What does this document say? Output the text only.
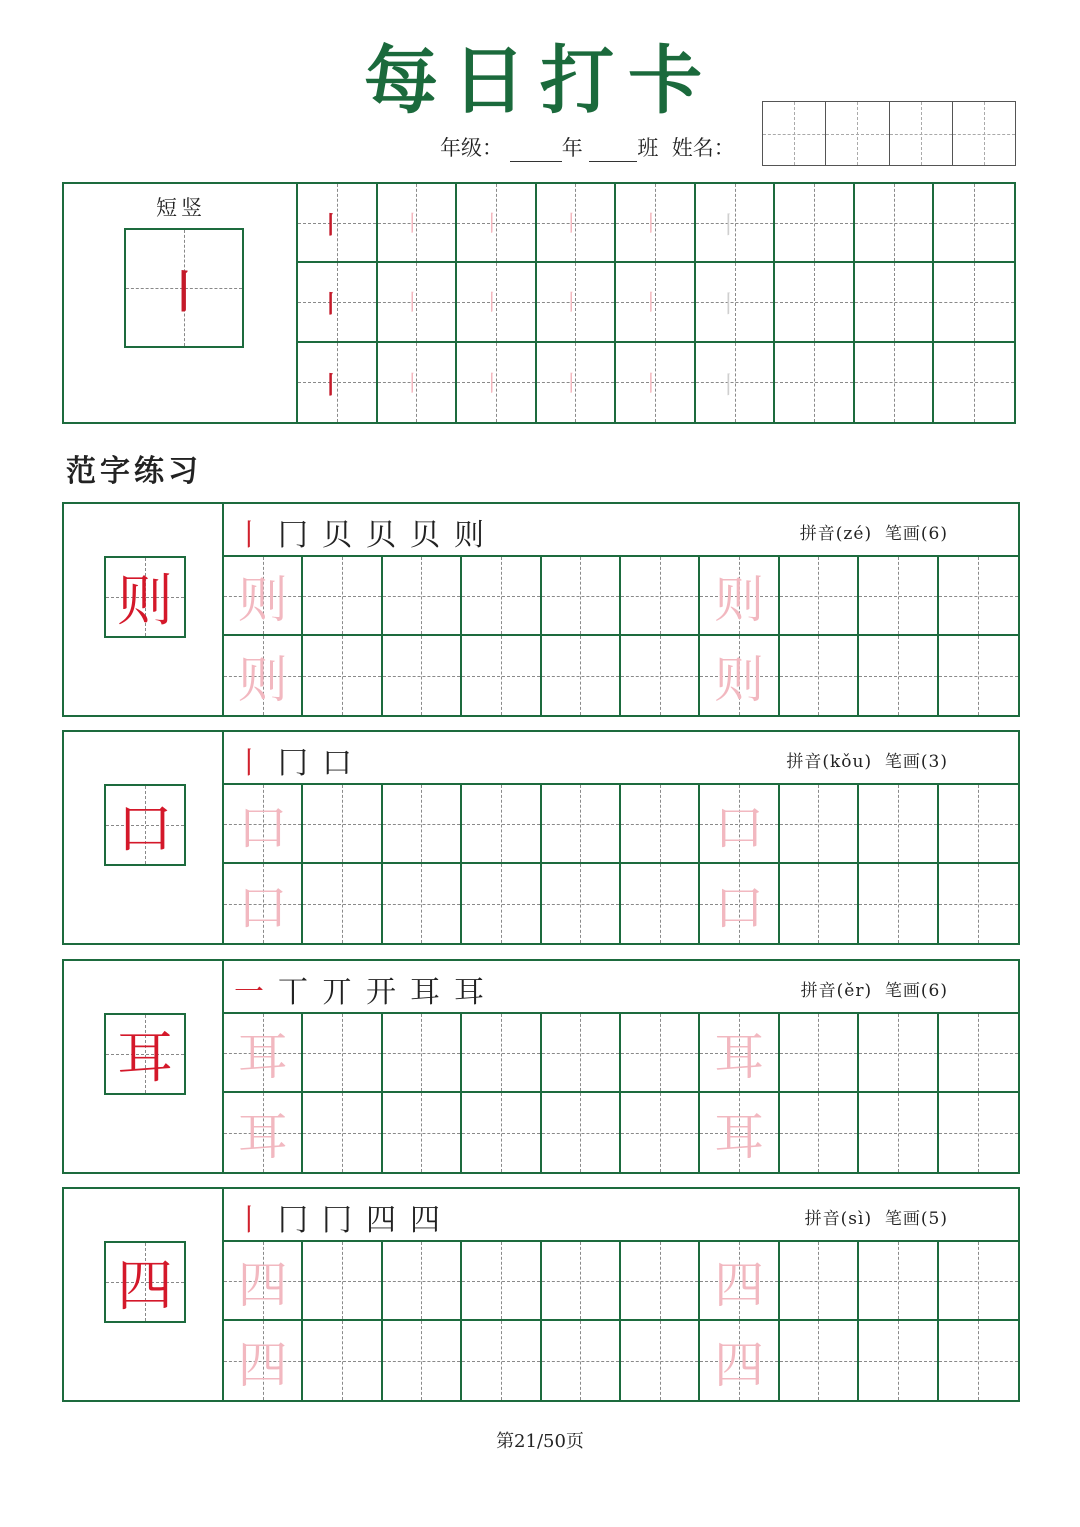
每日打卡
年级：	年	班 姓名：
短竖
丨
丨	丨	丨	丨	丨 丨
丨	丨	丨	丨	丨 丨
丨	丨	丨	丨	丨 丨
范字练习
则
丨冂贝贝贝则	拼音(zé) 笔画(6)
则	则
则	则
口
丨冂口	拼音(kǒu) 笔画(3)
口	口
口	口
耳
一丅丌开耳耳	拼音(ěr) 笔画(6)
耳	耳
耳	耳
四
丨冂冂四四	拼音(sì) 笔画(5)
四	四
四	四
第21/50页
